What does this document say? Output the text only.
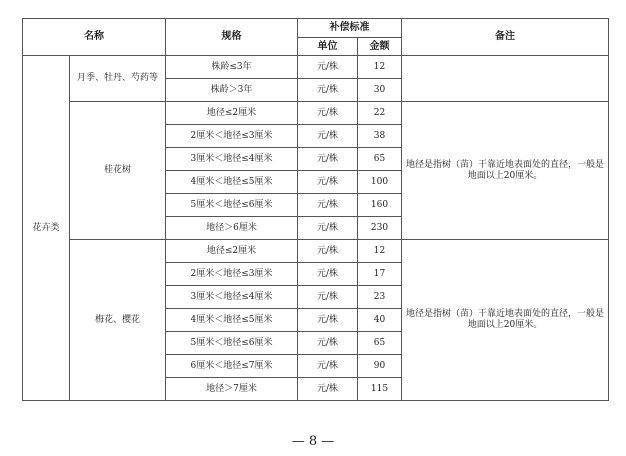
名称		规格	补偿标准		备注
			单位	金额	
花卉类	月季、牡丹、芍药等	株龄≤3年	元/株	12	
		株龄＞3年	元/株	30	
	桂花树	地径≤2厘米	元/株	22	地径是指树（苗）干靠近地表面处的直径，一般是地面以上20厘米。
		2厘米＜地径≤3厘米	元/株	38	
		3厘米＜地径≤4厘米	元/株	65	
		4厘米＜地径≤5厘米	元/株	100	
		5厘米＜地径≤6厘米	元/株	160	
		地径＞6厘米	元/株	230	
	梅花、樱花	地径≤2厘米	元/株	12	地径是指树（苗）干靠近地表面处的直径，一般是地面以上20厘米。
		2厘米＜地径≤3厘米	元/株	17	
		3厘米＜地径≤4厘米	元/株	23	
		4厘米＜地径≤5厘米	元/株	40	
		5厘米＜地径≤6厘米	元/株	65	
		6厘米＜地径≤7厘米	元/株	90	
		地径＞7厘米	元/株	115	
— 8 —
